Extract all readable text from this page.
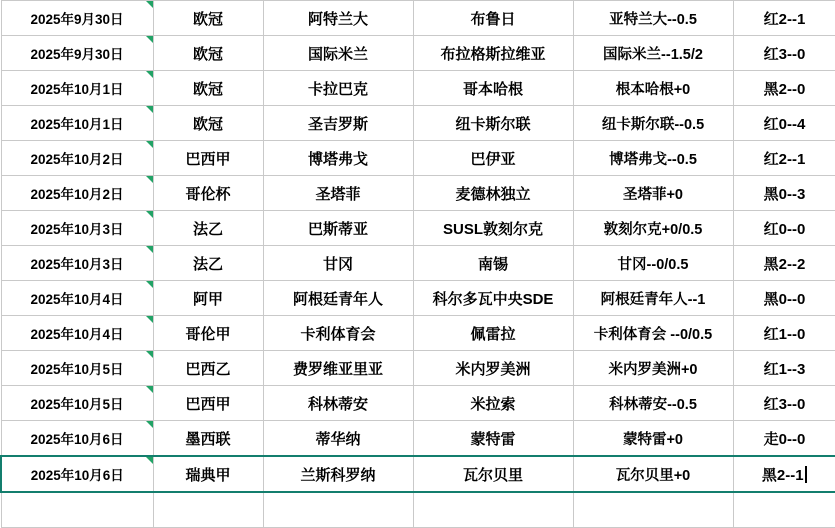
2025年9月30日	欧冠	阿特兰大	布鲁日	亚特兰大--0.5	红2--1
2025年9月30日	欧冠	国际米兰	布拉格斯拉维亚	国际米兰--1.5/2	红3--0
2025年10月1日	欧冠	卡拉巴克	哥本哈根	根本哈根+0	黑2--0
2025年10月1日	欧冠	圣吉罗斯	纽卡斯尔联	纽卡斯尔联--0.5	红0--4
2025年10月2日	巴西甲	博塔弗戈	巴伊亚	博塔弗戈--0.5	红2--1
2025年10月2日	哥伦杯	圣塔菲	麦德林独立	圣塔菲+0	黑0--3
2025年10月3日	法乙	巴斯蒂亚	SUSL敦刻尔克	敦刻尔克+0/0.5	红0--0
2025年10月3日	法乙	甘冈	南锡	甘冈--0/0.5	黑2--2
2025年10月4日	阿甲	阿根廷青年人	科尔多瓦中央SDE	阿根廷青年人--1	黑0--0
2025年10月4日	哥伦甲	卡利体育会	佩雷拉	卡利体育会 --0/0.5	红1--0
2025年10月5日	巴西乙	费罗维亚里亚	米内罗美洲	米内罗美洲+0	红1--3
2025年10月5日	巴西甲	科林蒂安	米拉索	科林蒂安--0.5	红3--0
2025年10月6日	墨西联	蒂华纳	蒙特雷	蒙特雷+0	走0--0
2025年10月6日	瑞典甲	兰斯科罗纳	瓦尔贝里	瓦尔贝里+0	黑2--1
